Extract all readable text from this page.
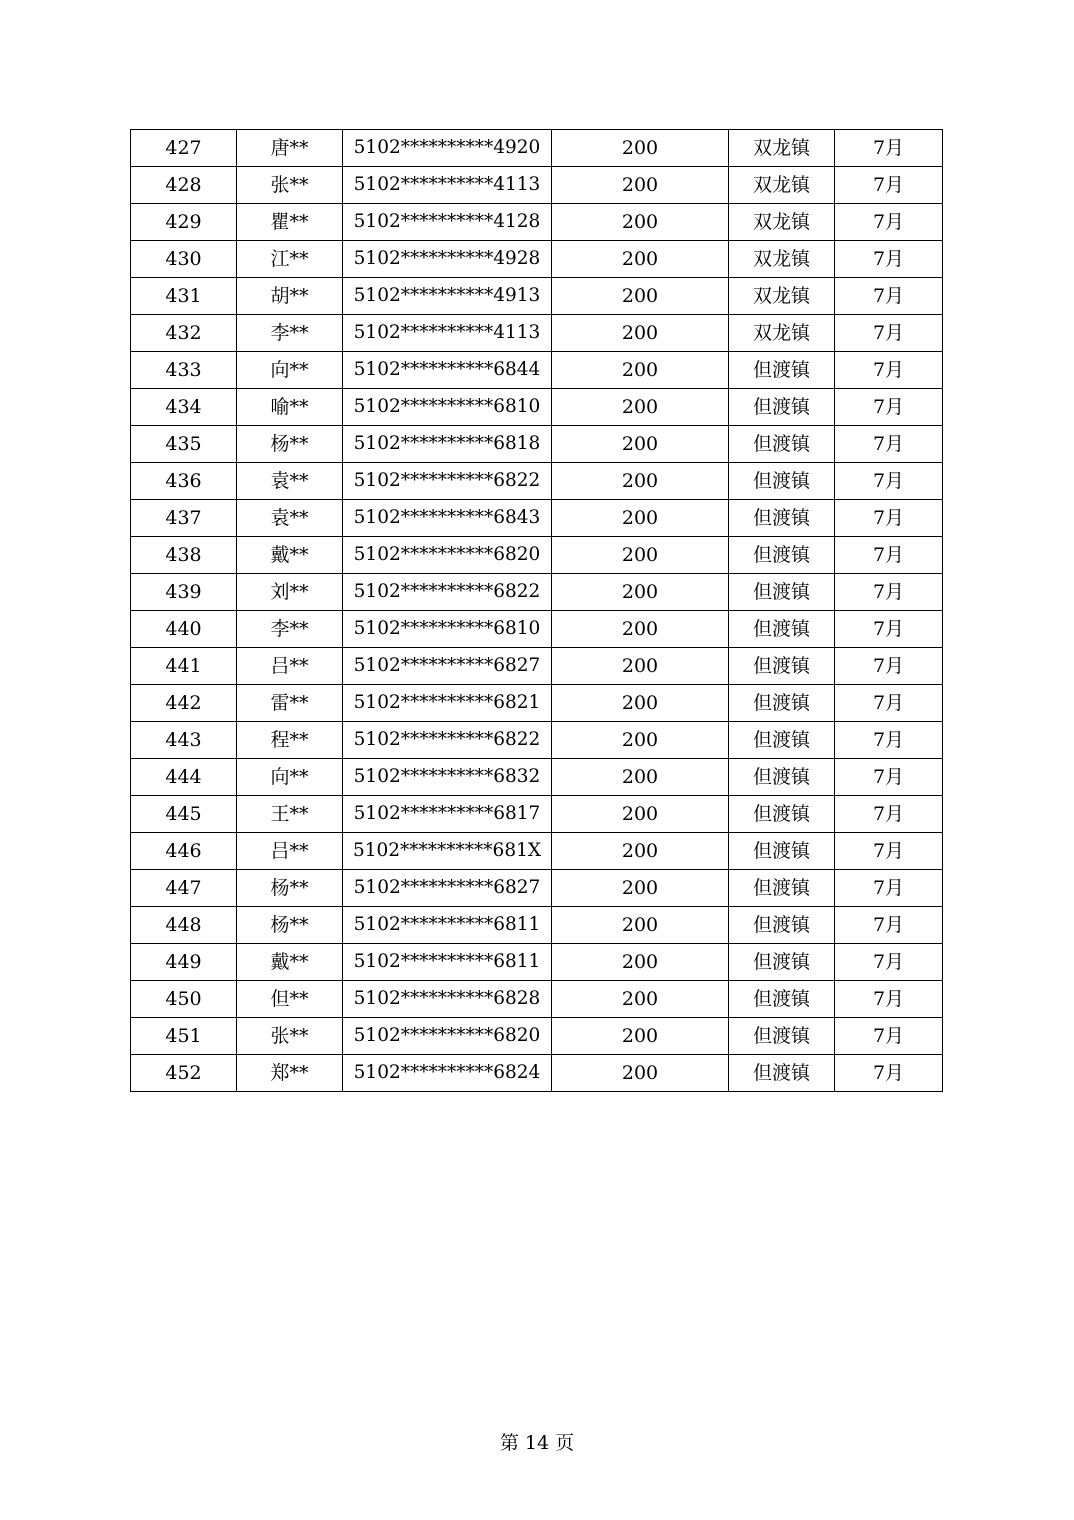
427	唐**	5102**********4920	200	双龙镇	7月
428	张**	5102**********4113	200	双龙镇	7月
429	瞿**	5102**********4128	200	双龙镇	7月
430	江**	5102**********4928	200	双龙镇	7月
431	胡**	5102**********4913	200	双龙镇	7月
432	李**	5102**********4113	200	双龙镇	7月
433	向**	5102**********6844	200	但渡镇	7月
434	喻**	5102**********6810	200	但渡镇	7月
435	杨**	5102**********6818	200	但渡镇	7月
436	袁**	5102**********6822	200	但渡镇	7月
437	袁**	5102**********6843	200	但渡镇	7月
438	戴**	5102**********6820	200	但渡镇	7月
439	刘**	5102**********6822	200	但渡镇	7月
440	李**	5102**********6810	200	但渡镇	7月
441	吕**	5102**********6827	200	但渡镇	7月
442	雷**	5102**********6821	200	但渡镇	7月
443	程**	5102**********6822	200	但渡镇	7月
444	向**	5102**********6832	200	但渡镇	7月
445	王**	5102**********6817	200	但渡镇	7月
446	吕**	5102**********681X	200	但渡镇	7月
447	杨**	5102**********6827	200	但渡镇	7月
448	杨**	5102**********6811	200	但渡镇	7月
449	戴**	5102**********6811	200	但渡镇	7月
450	但**	5102**********6828	200	但渡镇	7月
451	张**	5102**********6820	200	但渡镇	7月
452	郑**	5102**********6824	200	但渡镇	7月
第 14 页
